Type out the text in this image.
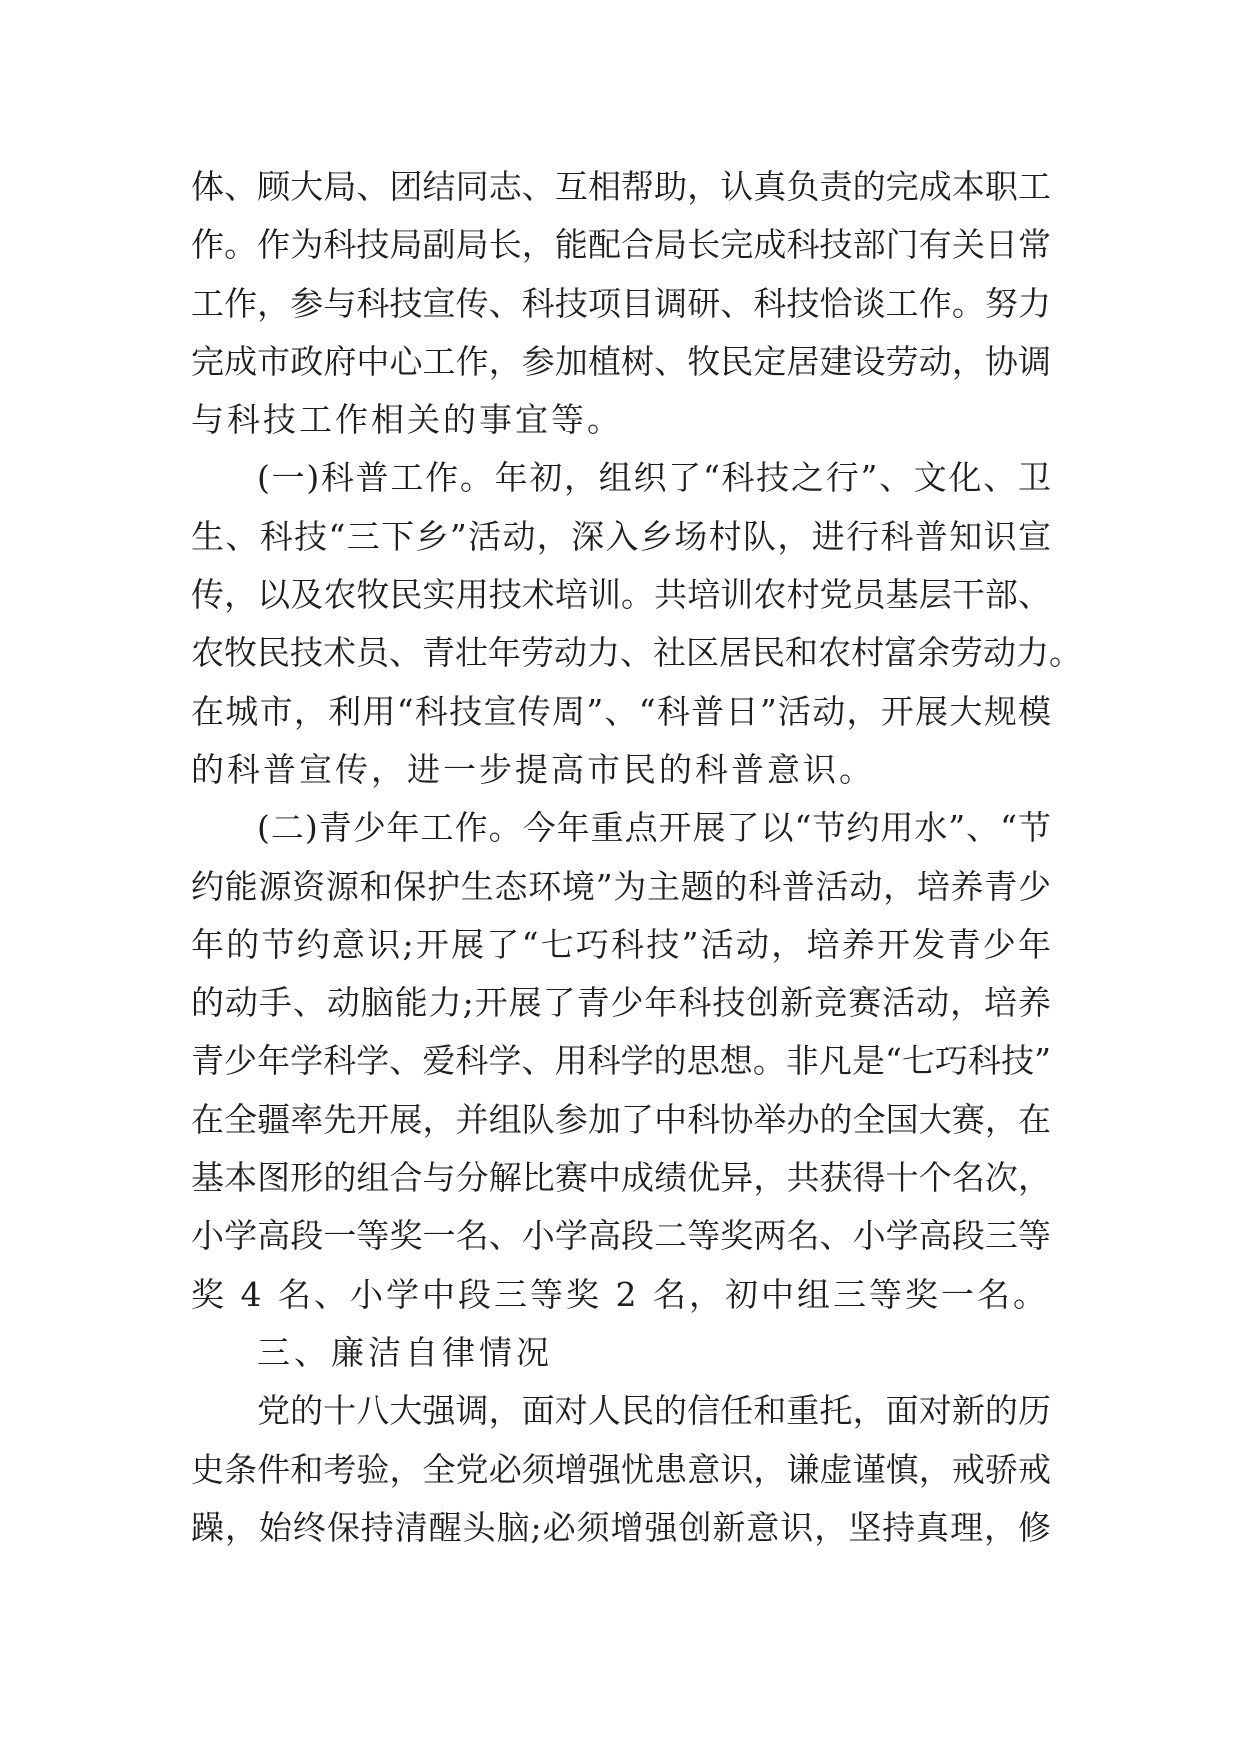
体、顾大局、团结同志、互相帮助，认真负责的完成本职工
作。作为科技局副局长，能配合局长完成科技部门有关日常
工作，参与科技宣传、科技项目调研、科技恰谈工作。努力
完成市政府中心工作，参加植树、牧民定居建设劳动，协调
与科技工作相关的事宜等。
(一)科普工作。年初，组织了“科技之行”、文化、卫
生、科技“三下乡”活动，深入乡场村队，进行科普知识宣
传，以及农牧民实用技术培训。共培训农村党员基层干部、
农牧民技术员、青壮年劳动力、社区居民和农村富余劳动力。
在城市，利用“科技宣传周”、“科普日”活动，开展大规模
的科普宣传，进一步提高市民的科普意识。
(二)青少年工作。今年重点开展了以“节约用水”、“节
约能源资源和保护生态环境”为主题的科普活动，培养青少
年的节约意识;开展了“七巧科技”活动，培养开发青少年
的动手、动脑能力;开展了青少年科技创新竞赛活动，培养
青少年学科学、爱科学、用科学的思想。非凡是“七巧科技”
在全疆率先开展，并组队参加了中科协举办的全国大赛，在
基本图形的组合与分解比赛中成绩优异，共获得十个名次，
小学高段一等奖一名、小学高段二等奖两名、小学高段三等
奖 4 名、小学中段三等奖 2 名，初中组三等奖一名。
三、廉洁自律情况
党的十八大强调，面对人民的信任和重托，面对新的历
史条件和考验，全党必须增强忧患意识，谦虚谨慎，戒骄戒
躁，始终保持清醒头脑;必须增强创新意识，坚持真理，修
